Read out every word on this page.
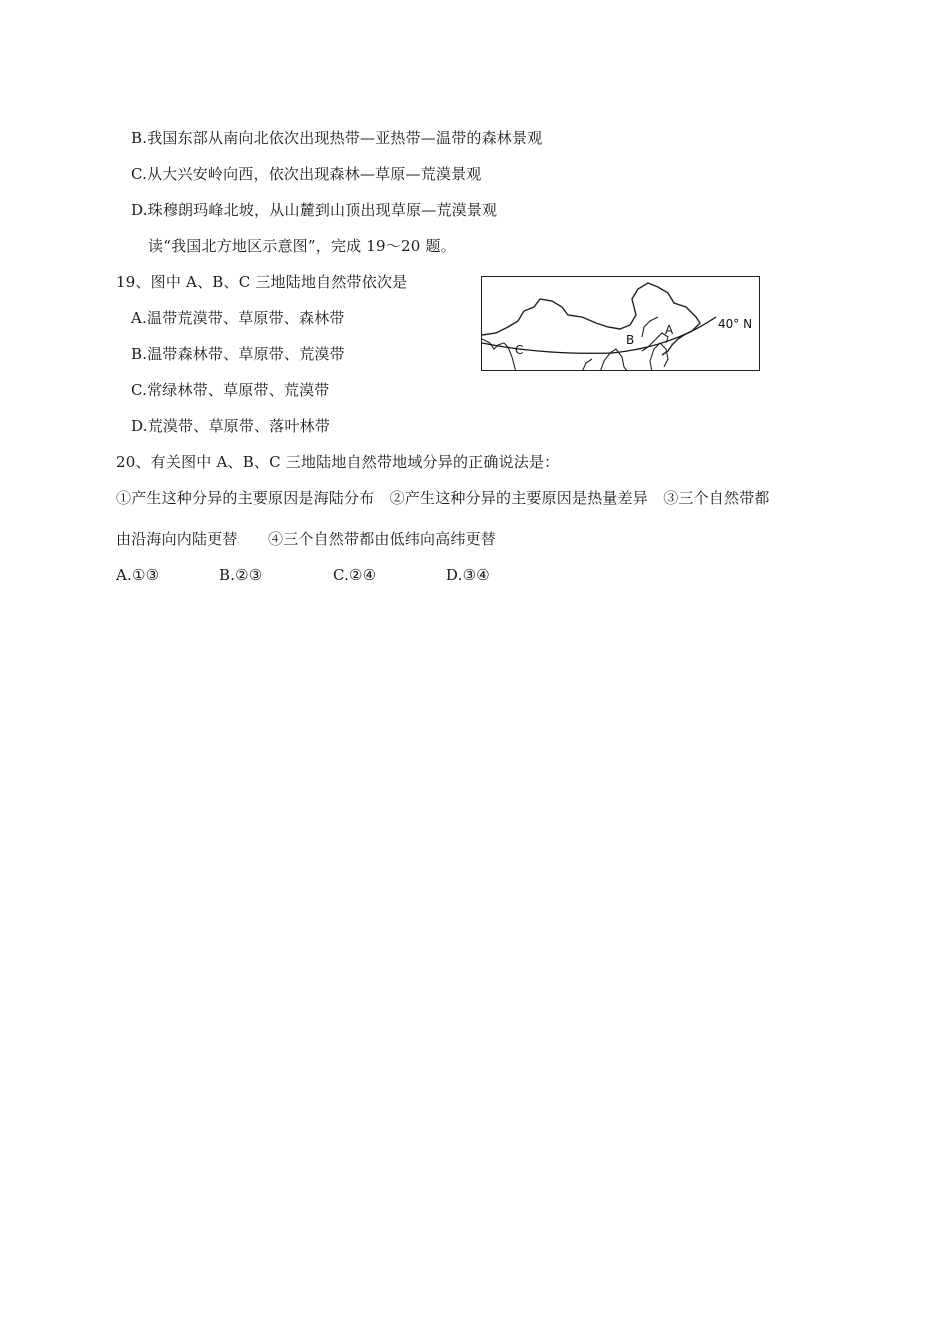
B.我国东部从南向北依次出现热带—亚热带—温带的森林景观
C.从大兴安岭向西，依次出现森林—草原—荒漠景观
D.珠穆朗玛峰北坡，从山麓到山顶出现草原—荒漠景观
读“我国北方地区示意图”，完成 19～20 题。
19、图中 A、B、C 三地陆地自然带依次是
A.温带荒漠带、草原带、森林带
B.温带森林带、草原带、荒漠带
C.常绿林带、草原带、荒漠带
D.荒漠带、草原带、落叶林带
A
B
C
40° N
20、有关图中 A、B、C 三地陆地自然带地域分异的正确说法是：
①产生这种分异的主要原因是海陆分布　②产生这种分异的主要原因是热量差异　③三个自然带都
由沿海向内陆更替　　④三个自然带都由低纬向高纬更替
A.①③	B.②③	C.②④	D.③④
